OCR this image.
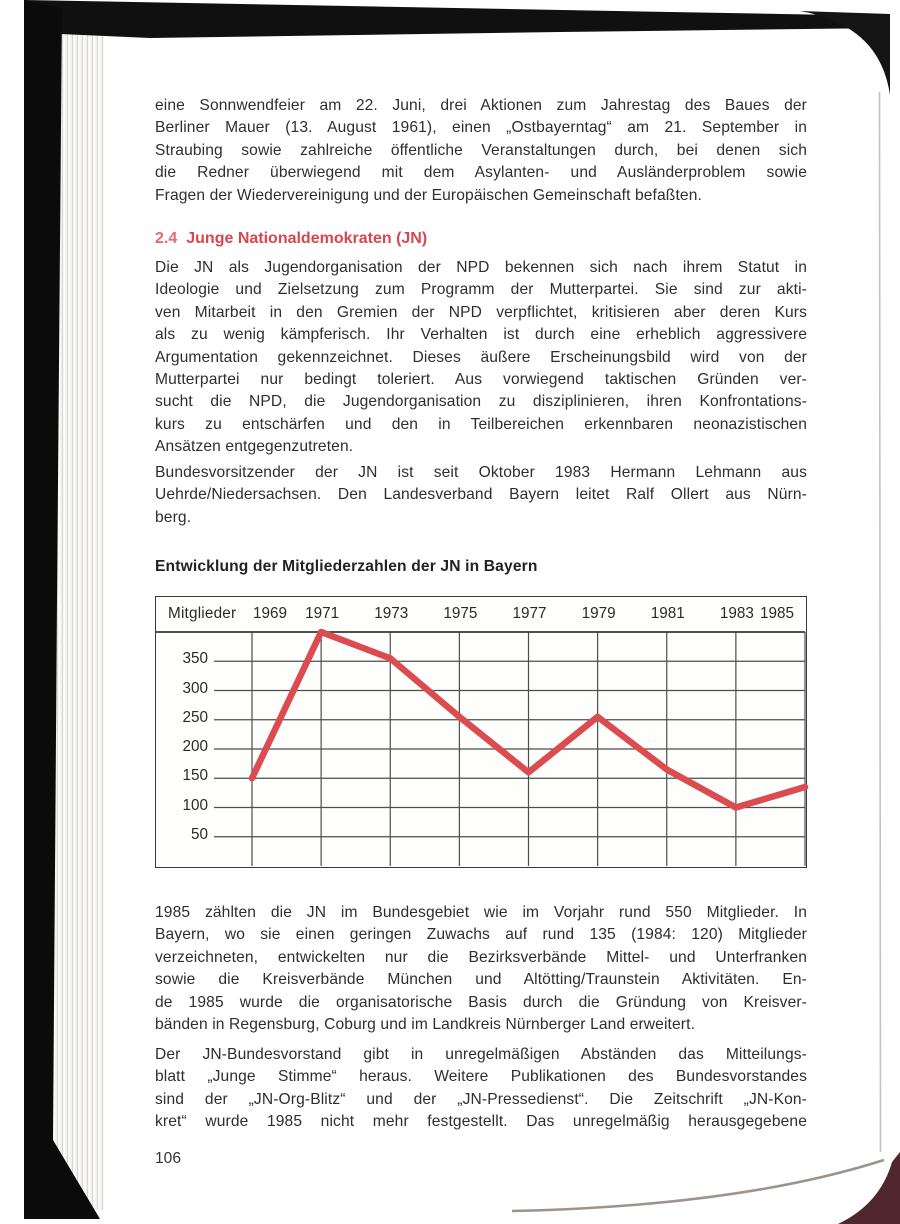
eine Sonnwendfeier am 22. Juni, drei Aktionen zum Jahrestag des Baues der
Berliner Mauer (13. August 1961), einen „Ostbayerntag“ am 21. September in
Straubing sowie zahlreiche öffentliche Veranstaltungen durch, bei denen sich
die Redner überwiegend mit dem Asylanten- und Ausländerproblem sowie
Fragen der Wiedervereinigung und der Europäischen Gemeinschaft befaßten.
2.4 Junge Nationaldemokraten (JN)
Die JN als Jugendorganisation der NPD bekennen sich nach ihrem Statut in
Ideologie und Zielsetzung zum Programm der Mutterpartei. Sie sind zur akti-
ven Mitarbeit in den Gremien der NPD verpflichtet, kritisieren aber deren Kurs
als zu wenig kämpferisch. Ihr Verhalten ist durch eine erheblich aggressivere
Argumentation gekennzeichnet. Dieses äußere Erscheinungsbild wird von der
Mutterpartei nur bedingt toleriert. Aus vorwiegend taktischen Gründen ver-
sucht die NPD, die Jugendorganisation zu disziplinieren, ihren Konfrontations-
kurs zu entschärfen und den in Teilbereichen erkennbaren neonazistischen
Ansätzen entgegenzutreten.
Bundesvorsitzender der JN ist seit Oktober 1983 Hermann Lehmann aus
Uehrde/Niedersachsen. Den Landesverband Bayern leitet Ralf Ollert aus Nürn-
berg.
Entwicklung der Mitgliederzahlen der JN in Bayern
Mitglieder	1969	1971	1973	1975	1977	1979	1981	1983 1985
50
100
150
200
250
300
350
1985 zählten die JN im Bundesgebiet wie im Vorjahr rund 550 Mitglieder. In
Bayern, wo sie einen geringen Zuwachs auf rund 135 (1984: 120) Mitglieder
verzeichneten, entwickelten nur die Bezirksverbände Mittel- und Unterfranken
sowie die Kreisverbände München und Altötting/Traunstein Aktivitäten. En-
de 1985 wurde die organisatorische Basis durch die Gründung von Kreisver-
bänden in Regensburg, Coburg und im Landkreis Nürnberger Land erweitert.
Der JN-Bundesvorstand gibt in unregelmäßigen Abständen das Mitteilungs-
blatt „Junge Stimme“ heraus. Weitere Publikationen des Bundesvorstandes
sind der „JN-Org-Blitz“ und der „JN-Pressedienst“. Die Zeitschrift „JN-Kon-
kret“ wurde 1985 nicht mehr festgestellt. Das unregelmäßig herausgegebene
106
